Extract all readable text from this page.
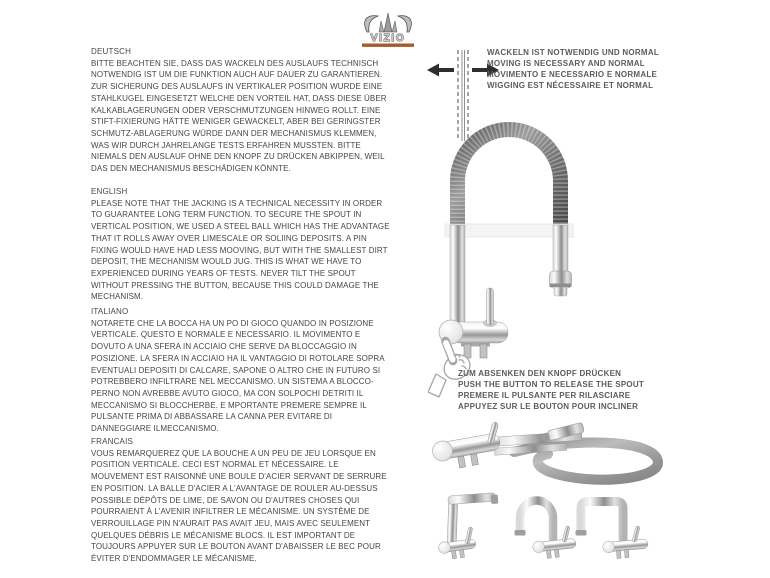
VIZIO
DEUTSCH
BITTE BEACHTEN SIE, DASS DAS WACKELN DES AUSLAUFS TECHNISCH NOTWENDIG IST UM DIE FUNKTION AUCH AUF DAUER ZU GARANTIEREN. ZUR SICHERUNG DES AUSLAUFS IN VERTIKALER POSITION WURDE EINE STAHLKUGEL EINGESETZT WELCHE DEN VORTEIL HAT, DASS DIESE ÜBER KALKABLAGERUNGEN ODER VERSCHMUTZUNGEN HINWEG ROLLT. EINE STIFT-FIXIERUNG HÄTTE WENIGER GEWACKELT, ABER BEI GERINGSTER SCHMUTZ-ABLAGERUNG WÜRDE DANN DER MECHANISMUS KLEMMEN, WAS WIR DURCH JAHRELANGE TESTS ERFAHREN MUSSTEN. BITTE NIEMALS DEN AUSLAUF OHNE DEN KNOPF ZU DRÜCKEN ABKIPPEN, WEIL DAS DEN MECHANISMUS BESCHÄDIGEN KÖNNTE.
ENGLISH
PLEASE NOTE THAT THE JACKING IS A TECHNICAL NECESSITY IN ORDER TO GUARANTEE LONG TERM FUNCTION. TO SECURE THE SPOUT IN VERTICAL POSITION, WE USED A STEEL BALL WHICH HAS THE ADVANTAGE THAT IT ROLLS AWAY OVER LIMESCALE OR SOLIING DEPOSITS. A PIN FIXING WOULD HAVE HAD LESS MOOVING, BUT WITH THE SMALLEST DIRT DEPOSIT, THE MECHANISM WOULD JUG. THIS IS WHAT WE HAVE TO EXPERIENCED DURING YEARS OF TESTS. NEVER TILT THE SPOUT WITHOUT PRESSING THE BUTTON, BECAUSE THIS COULD DAMAGE THE MECHANISM.
ITALIANO
NOTARETE CHE LA BOCCA HA UN PO DI GIOCO QUANDO IN POSIZIONE VERTICALE. QUESTO E NORMALE E NECESSARIO. IL MOVIMENTO E DOVUTO A UNA SFERA IN ACCIAIO CHE SERVE DA BLOCCAGGIO IN POSIZIONE. LA SFERA IN ACCIAIO HA IL VANTAGGIO DI ROTOLARE SOPRA EVENTUALI DEPOSITI DI CALCARE, SAPONE O ALTRO CHE IN FUTURO SI POTREBBERO INFILTRARE NEL MECCANISMO. UN SISTEMA A BLOCCO-PERNO NON AVREBBE AVUTO GIOCO, MA CON SOLPOCHI DETRITI IL MECCANISMO SI BLOCCHERBE. E MPORTANTE PREMERE SEMPRE IL PULSANTE PRIMA DI ABBASSARE LA CANNA PER EVITARE DI DANNEGGIARE ILMECCANISMO.
FRANCAIS
VOUS REMARQUEREZ QUE LA BOUCHE A UN PEU DE JEU LORSQUE EN POSITION VERTICALE. CECI EST NORMAL ET NÉCESSAIRE. LE MOUVEMENT EST RAISONNÉ UNE BOULE D'ACIER SERVANT DE SERRURE EN POSITION. LA BALLE D'ACIER A L'AVANTAGE DE ROULER AU-DESSUS POSSIBLE DÉPÔTS DE LIME, DE SAVON OU D'AUTRES CHOSES QUI POURRAIENT À L'AVENIR INFILTRER LE MÉCANISME. UN SYSTÈME DE VERROUILLAGE PIN N'AURAIT PAS AVAIT JEU, MAIS AVEC SEULEMENT QUELQUES DÉBRIS LE MÉCANISME BLOCS. IL EST IMPORTANT DE TOUJOURS APPUYER SUR LE BOUTON AVANT D'ABAISSER LE BEC POUR ÉVITER D'ENDOMMAGER LE MÉCANISME.
WACKELN IST NOTWENDIG UND NORMAL
MOVING IS NECESSARY AND NORMAL
MOVIMENTO E NECESSARIO E NORMALE
WIGGING EST NÉCESSAIRE ET NORMAL
ZUM ABSENKEN DEN KNOPF DRÜCKEN
PUSH THE BUTTON TO RELEASE THE SPOUT
PREMERE IL PULSANTE PER RILASCIARE
APPUYEZ SUR LE BOUTON POUR INCLINER
